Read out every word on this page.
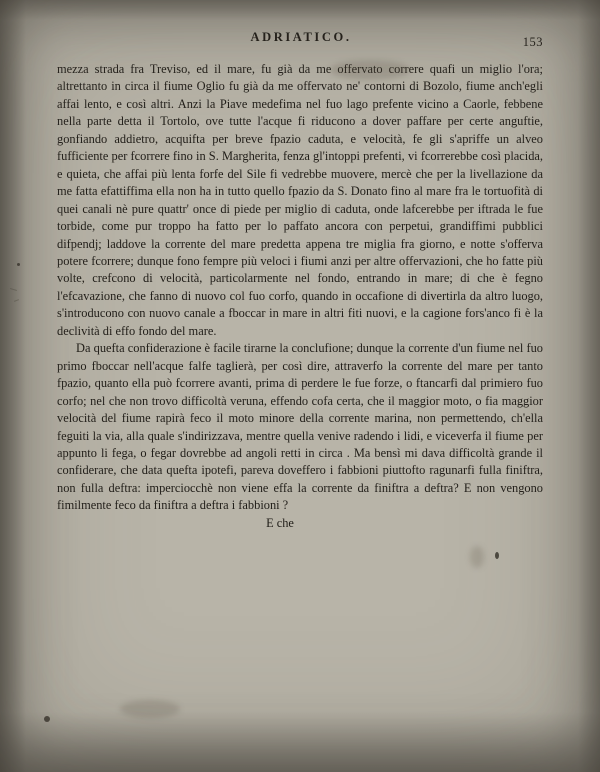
ADRIATICO.	153

mezza strada fra Treviso, ed il mare, fu già da me offervato correre quafi un miglio l'ora; altrettanto in circa il fiume Oglio fu già da me offervato ne' contorni di Bozolo, fiume anch'egli affai lento, e così altri. Anzi la Piave medefima nel fuo lago prefente vicino a Caorle, febbene nella parte detta il Tortolo, ove tutte l'acque fi riducono a dover paffare per certe anguftie, gonfiando addietro, acquifta per breve fpazio caduta, e velocità, fe gli s'apriffe un alveo fufficiente per fcorrere fino in S. Margherita, fenza gl'intoppi prefenti, vi fcorrerebbe così placida, e quieta, che affai più lenta forfe del Sile fi vedrebbe muovere, mercè che per la livellazione da me fatta efattiffima ella non ha in tutto quello fpazio da S. Donato fino al mare fra le tortuofità di quei canali nè pure quattr' once di piede per miglio di caduta, onde lafcerebbe per iftrada le fue torbide, come pur troppo ha fatto per lo paffato ancora con perpetui, grandiffimi pubblici difpendj; laddove la corrente del mare predetta appena tre miglia fra giorno, e notte s'offerva potere fcorrere; dunque fono fempre più veloci i fiumi anzi per altre offervazioni, che ho fatte più volte, crefcono di velocità, particolarmente nel fondo, entrando in mare; di che è fegno l'efcavazione, che fanno di nuovo col fuo corfo, quando in occafione di divertirla da altro luogo, s'introducono con nuovo canale a fboccar in mare in altri fiti nuovi, e la cagione fors'anco fi è la declività di effo fondo del mare.

Da quefta confiderazione è facile tirarne la conclufione; dunque la corrente d'un fiume nel fuo primo fboccar nell'acque falfe taglierà, per così dire, attraverfo la corrente del mare per tanto fpazio, quanto ella può fcorrere avanti, prima di perdere le fue forze, o ftancarfi dal primiero fuo corfo; nel che non trovo difficoltà veruna, effendo cofa certa, che il maggior moto, o fia maggior velocità del fiume rapirà feco il moto minore della corrente marina, non permettendo, ch'ella feguiti la via, alla quale s'indirizzava, mentre quella venive radendo i lidi, e viceverfa il fiume per appunto li fega, o fegar dovrebbe ad angoli retti in circa . Ma bensì mi dava difficoltà grande il confiderare, che data quefta ipotefi, pareva doveffero i fabbioni piuttofto ragunarfi fulla finiftra, non fulla deftra: imperciocchè non viene effa la corrente da finiftra a deftra? E non vengono fimilmente feco da finiftra a deftra i fabbioni ?

E che
